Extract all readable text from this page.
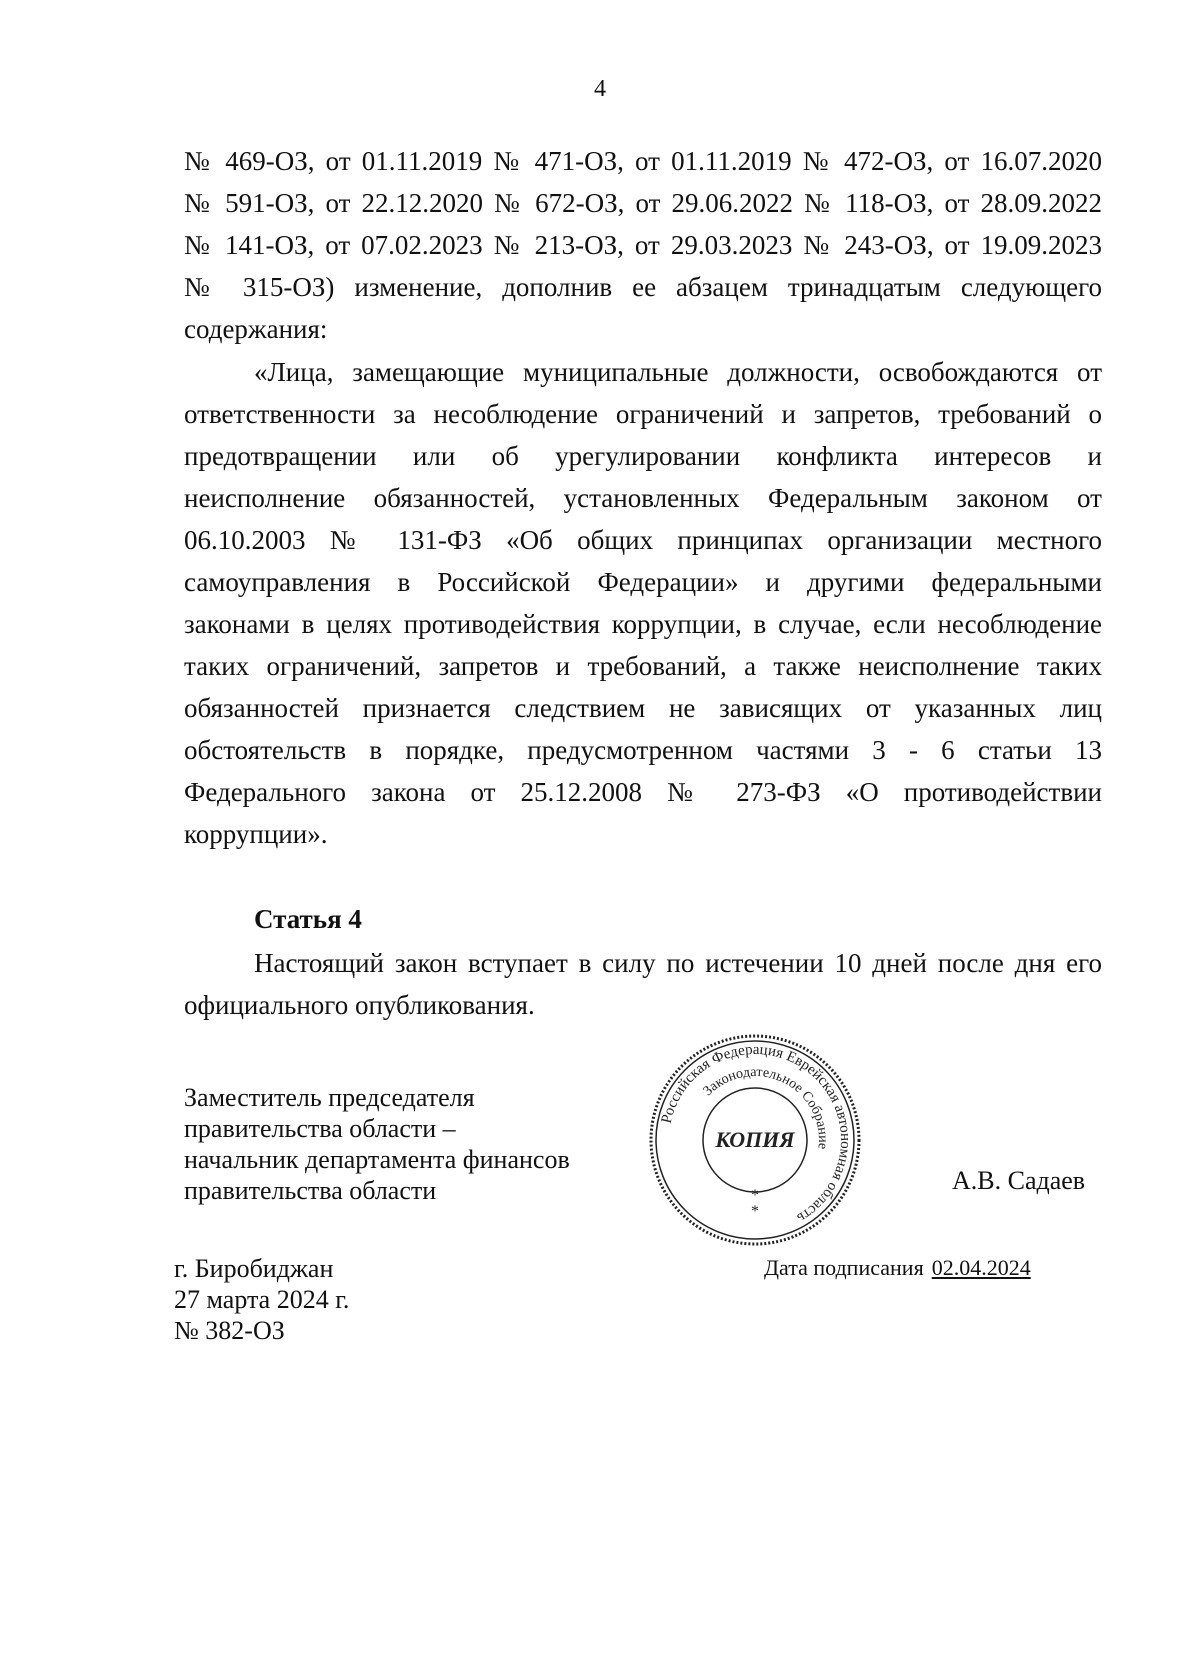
4
№ 469-ОЗ, от 01.11.2019 № 471-ОЗ, от 01.11.2019 № 472-ОЗ, от 16.07.2020
№ 591-ОЗ, от 22.12.2020 № 672-ОЗ, от 29.06.2022 № 118-ОЗ, от 28.09.2022
№ 141-ОЗ, от 07.02.2023 № 213-ОЗ, от 29.03.2023 № 243-ОЗ, от 19.09.2023
№ 315-ОЗ) изменение, дополнив ее абзацем тринадцатым следующего
содержания:
«Лица, замещающие муниципальные должности, освобождаются от
ответственности за несоблюдение ограничений и запретов, требований о
предотвращении или об урегулировании конфликта интересов и
неисполнение обязанностей, установленных Федеральным законом от
06.10.2003 № 131-ФЗ «Об общих принципах организации местного
самоуправления в Российской Федерации» и другими федеральными
законами в целях противодействия коррупции, в случае, если несоблюдение
таких ограничений, запретов и требований, а также неисполнение таких
обязанностей признается следствием не зависящих от указанных лиц
обстоятельств в порядке, предусмотренном частями 3 - 6 статьи 13
Федерального закона от 25.12.2008 № 273-ФЗ «О противодействии
коррупции».
Статья 4
Настоящий закон вступает в силу по истечении 10 дней после дня его
официального опубликования.
Заместитель председателя
правительства области –
начальник департамента финансов
правительства области
Российская Федерация Еврейская автономная область
Законодательное Собрание
КОПИЯ
*
*
А.В. Садаев
г. Биробиджан
27 марта 2024 г.
№ 382-ОЗ
Дата подписания 02.04.2024
